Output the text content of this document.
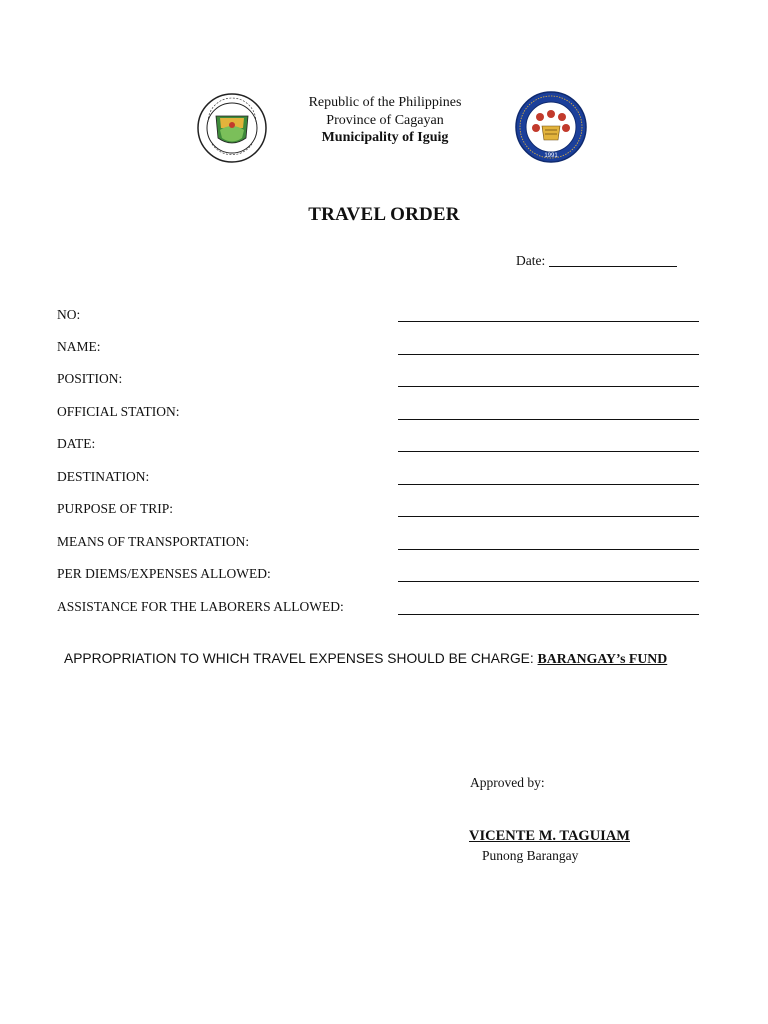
Republic of the Philippines
Province of Cagayan
Municipality of Iguig
1991
TRAVEL ORDER
Date:
NO:
NAME:
POSITION:
OFFICIAL STATION:
DATE:
DESTINATION:
PURPOSE OF TRIP:
MEANS OF TRANSPORTATION:
PER DIEMS/EXPENSES ALLOWED:
ASSISTANCE FOR THE LABORERS ALLOWED:
APPROPRIATION TO WHICH TRAVEL EXPENSES SHOULD BE CHARGE: BARANGAY’s FUND
Approved by:
VICENTE M. TAGUIAM
Punong Barangay
